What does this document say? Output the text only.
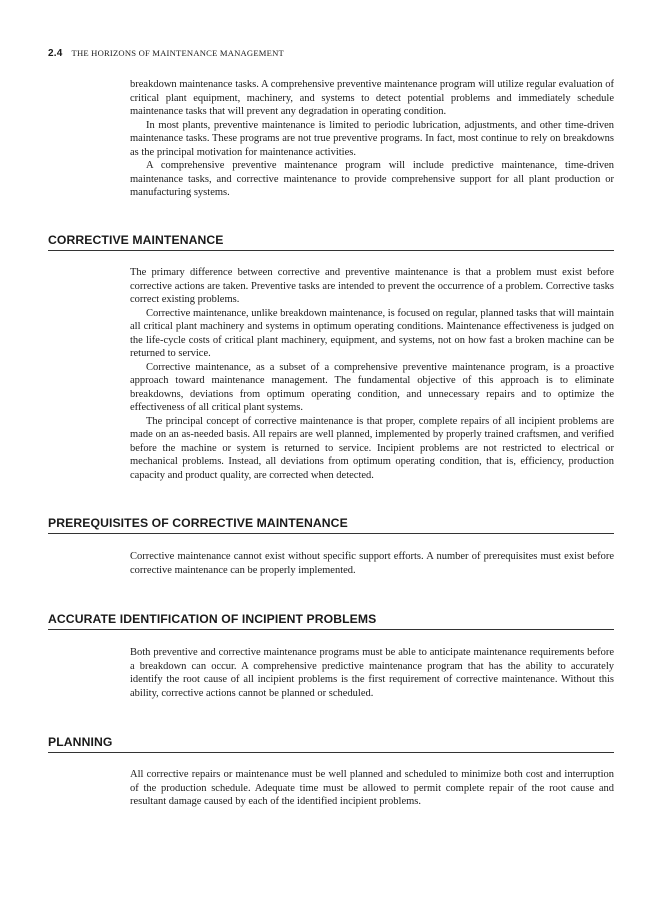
2.4 THE HORIZONS OF MAINTENANCE MANAGEMENT

breakdown maintenance tasks. A comprehensive preventive maintenance program will utilize regular evaluation of critical plant equipment, machinery, and systems to detect potential problems and immediately schedule maintenance tasks that will prevent any degradation in operating condition.

In most plants, preventive maintenance is limited to periodic lubrication, adjustments, and other time-driven maintenance tasks. These programs are not true preventive programs. In fact, most continue to rely on breakdowns as the principal motivation for maintenance activities.

A comprehensive preventive maintenance program will include predictive maintenance, time-driven maintenance tasks, and corrective maintenance to provide comprehensive support for all plant production or manufacturing systems.

CORRECTIVE MAINTENANCE

The primary difference between corrective and preventive maintenance is that a problem must exist before corrective actions are taken. Preventive tasks are intended to prevent the occurrence of a problem. Corrective tasks correct existing problems.

Corrective maintenance, unlike breakdown maintenance, is focused on regular, planned tasks that will maintain all critical plant machinery and systems in optimum operating conditions. Maintenance effectiveness is judged on the life-cycle costs of critical plant machinery, equipment, and systems, not on how fast a broken machine can be returned to service.

Corrective maintenance, as a subset of a comprehensive preventive maintenance program, is a proactive approach toward maintenance management. The fundamental objective of this approach is to eliminate breakdowns, deviations from optimum operating condition, and unnecessary repairs and to optimize the effectiveness of all critical plant systems.

The principal concept of corrective maintenance is that proper, complete repairs of all incipient problems are made on an as-needed basis. All repairs are well planned, implemented by properly trained craftsmen, and verified before the machine or system is returned to service. Incipient problems are not restricted to electrical or mechanical problems. Instead, all deviations from optimum operating condition, that is, efficiency, production capacity and product quality, are corrected when detected.

PREREQUISITES OF CORRECTIVE MAINTENANCE

Corrective maintenance cannot exist without specific support efforts. A number of prerequisites must exist before corrective maintenance can be properly implemented.

ACCURATE IDENTIFICATION OF INCIPIENT PROBLEMS

Both preventive and corrective maintenance programs must be able to anticipate maintenance requirements before a breakdown can occur. A comprehensive predictive maintenance program that has the ability to accurately identify the root cause of all incipient problems is the first requirement of corrective maintenance. Without this ability, corrective actions cannot be planned or scheduled.

PLANNING

All corrective repairs or maintenance must be well planned and scheduled to minimize both cost and interruption of the production schedule. Adequate time must be allowed to permit complete repair of the root cause and resultant damage caused by each of the identified incipient problems.
